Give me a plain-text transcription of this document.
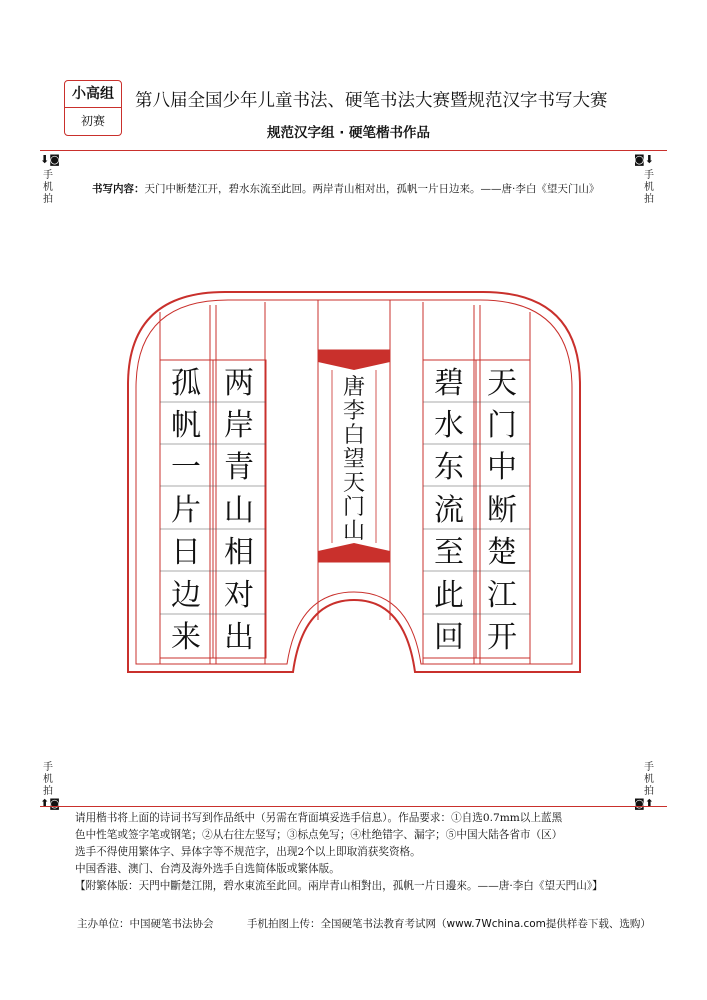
小高组
初赛
第八届全国少年儿童书法、硬笔书法大赛暨规范汉字书写大赛
规范汉字组 · 硬笔楷书作品
⬇◙	◙⬇
手机拍
手机拍
书写内容：天门中断楚江开，碧水东流至此回。两岸青山相对出，孤帆一片日边来。——唐·李白《望天门山》
天
门
中
断
楚
江
开
碧
水
东
流
至
此
回
两
岸
青
山
相
对
出
孤
帆
一
片
日
边
来
唐
李
白
望
天
门
山
手机拍
手机拍
⬆◙	◙⬆

请用楷书将上面的诗词书写到作品纸中（另需在背面填妥选手信息）。作品要求：①自选0.7mm以上蓝黑

色中性笔或签字笔或钢笔；②从右往左竖写；③标点免写；④杜绝错字、漏字；⑤中国大陆各省市（区）

选手不得使用繁体字、异体字等不规范字，出现2个以上即取消获奖资格。

中国香港、澳门、台湾及海外选手自选简体版或繁体版。

【附繁体版：天門中斷楚江開，碧水東流至此回。兩岸青山相對出，孤帆一片日邊來。——唐·李白《望天門山》】

主办单位：中国硬笔书法协会	手机拍图上传：全国硬笔书法教育考试网（www.7Wchina.com提供样卷下载、选购）
